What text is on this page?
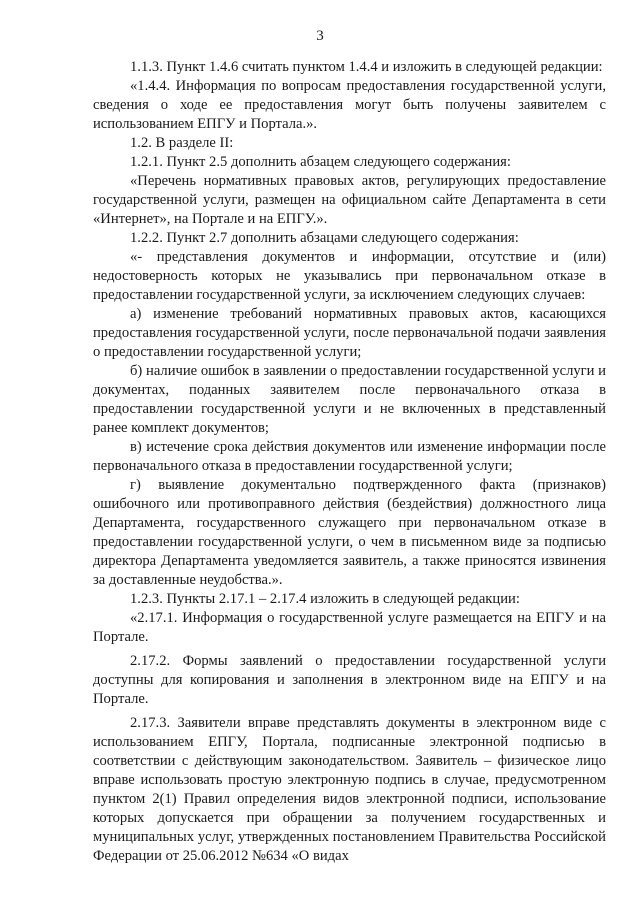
3

1.1.3. Пункт 1.4.6 считать пунктом 1.4.4 и изложить в следующей редакции:

«1.4.4. Информация по вопросам предоставления государственной услуги, сведения о ходе ее предоставления могут быть получены заявителем с использованием ЕПГУ и Портала.».

1.2. В разделе II:

1.2.1. Пункт 2.5 дополнить абзацем следующего содержания:

«Перечень нормативных правовых актов, регулирующих предоставление государственной услуги, размещен на официальном сайте Департамента в сети «Интернет», на Портале и на ЕПГУ.».

1.2.2. Пункт 2.7 дополнить абзацами следующего содержания:

«- представления документов и информации, отсутствие и (или) недостоверность которых не указывались при первоначальном отказе в предоставлении государственной услуги, за исключением следующих случаев:

а) изменение требований нормативных правовых актов, касающихся предоставления государственной услуги, после первоначальной подачи заявления о предоставлении государственной услуги;

б) наличие ошибок в заявлении о предоставлении государственной услуги и документах, поданных заявителем после первоначального отказа в предоставлении государственной услуги и не включенных в представленный ранее комплект документов;

в) истечение срока действия документов или изменение информации после первоначального отказа в предоставлении государственной услуги;

г) выявление документально подтвержденного факта (признаков) ошибочного или противоправного действия (бездействия) должностного лица Департамента, государственного служащего при первоначальном отказе в предоставлении государственной услуги, о чем в письменном виде за подписью директора Департамента уведомляется заявитель, а также приносятся извинения за доставленные неудобства.».

1.2.3. Пункты 2.17.1 – 2.17.4 изложить в следующей редакции:

«2.17.1. Информация о государственной услуге размещается на ЕПГУ и на Портале.

2.17.2. Формы заявлений о предоставлении государственной услуги доступны для копирования и заполнения в электронном виде на ЕПГУ и на Портале.

2.17.3. Заявители вправе представлять документы в электронном виде с использованием ЕПГУ, Портала, подписанные электронной подписью в соответствии с действующим законодательством. Заявитель – физическое лицо вправе использовать простую электронную подпись в случае, предусмотренном пунктом 2(1) Правил определения видов электронной подписи, использование которых допускается при обращении за получением государственных и муниципальных услуг, утвержденных постановлением Правительства Российской Федерации от 25.06.2012 №634 «О видах
